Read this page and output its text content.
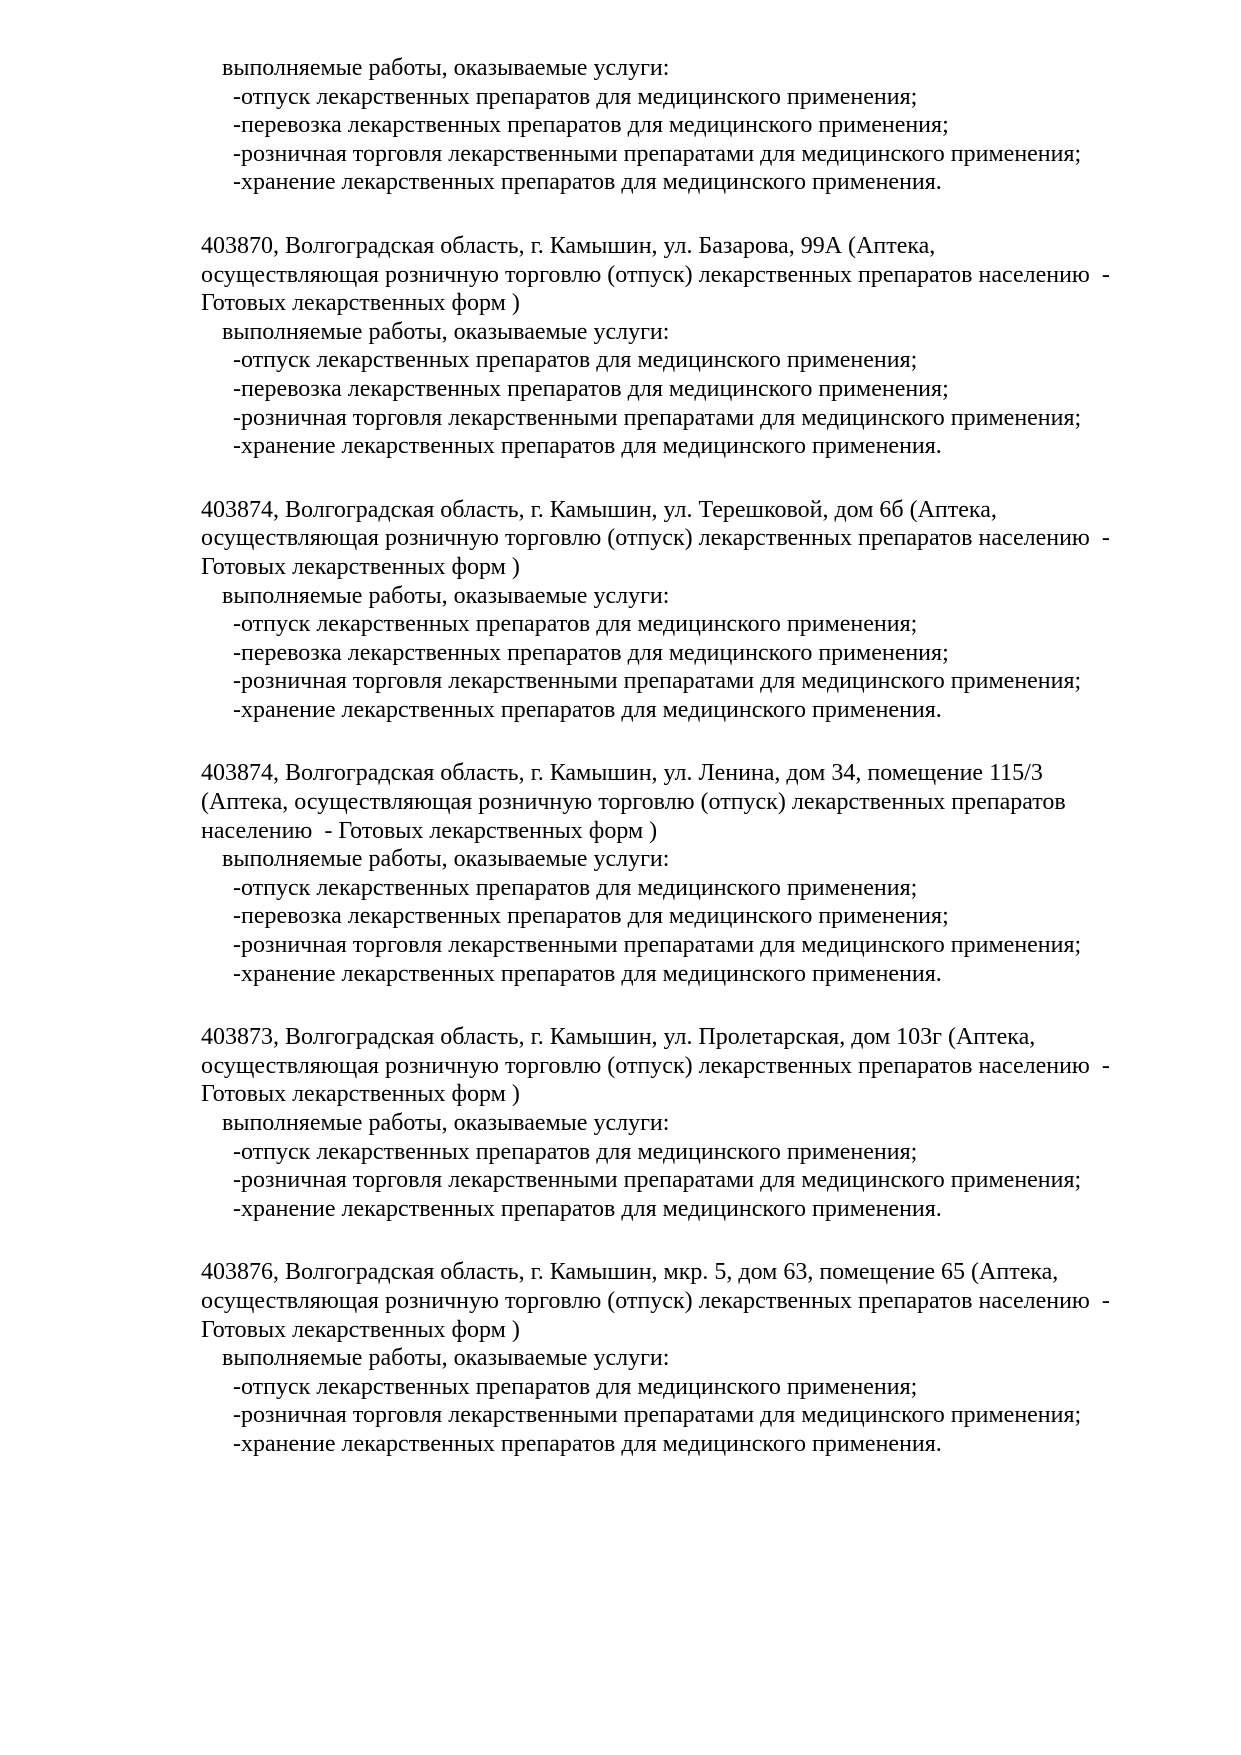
выполняемые работы, оказываемые услуги:
-отпуск лекарственных препаратов для медицинского применения;
-перевозка лекарственных препаратов для медицинского применения;
-розничная торговля лекарственными препаратами для медицинского применения;
-хранение лекарственных препаратов для медицинского применения.
403870, Волгоградская область, г. Камышин, ул. Базарова, 99А (Аптека,
осуществляющая розничную торговлю (отпуск) лекарственных препаратов населению  -
Готовых лекарственных форм )
выполняемые работы, оказываемые услуги:
-отпуск лекарственных препаратов для медицинского применения;
-перевозка лекарственных препаратов для медицинского применения;
-розничная торговля лекарственными препаратами для медицинского применения;
-хранение лекарственных препаратов для медицинского применения.
403874, Волгоградская область, г. Камышин, ул. Терешковой, дом 6б (Аптека,
осуществляющая розничную торговлю (отпуск) лекарственных препаратов населению  -
Готовых лекарственных форм )
выполняемые работы, оказываемые услуги:
-отпуск лекарственных препаратов для медицинского применения;
-перевозка лекарственных препаратов для медицинского применения;
-розничная торговля лекарственными препаратами для медицинского применения;
-хранение лекарственных препаратов для медицинского применения.
403874, Волгоградская область, г. Камышин, ул. Ленина, дом 34, помещение 115/3
(Аптека, осуществляющая розничную торговлю (отпуск) лекарственных препаратов
населению  - Готовых лекарственных форм )
выполняемые работы, оказываемые услуги:
-отпуск лекарственных препаратов для медицинского применения;
-перевозка лекарственных препаратов для медицинского применения;
-розничная торговля лекарственными препаратами для медицинского применения;
-хранение лекарственных препаратов для медицинского применения.
403873, Волгоградская область, г. Камышин, ул. Пролетарская, дом 103г (Аптека,
осуществляющая розничную торговлю (отпуск) лекарственных препаратов населению  -
Готовых лекарственных форм )
выполняемые работы, оказываемые услуги:
-отпуск лекарственных препаратов для медицинского применения;
-розничная торговля лекарственными препаратами для медицинского применения;
-хранение лекарственных препаратов для медицинского применения.
403876, Волгоградская область, г. Камышин, мкр. 5, дом 63, помещение 65 (Аптека,
осуществляющая розничную торговлю (отпуск) лекарственных препаратов населению  -
Готовых лекарственных форм )
выполняемые работы, оказываемые услуги:
-отпуск лекарственных препаратов для медицинского применения;
-розничная торговля лекарственными препаратами для медицинского применения;
-хранение лекарственных препаратов для медицинского применения.
